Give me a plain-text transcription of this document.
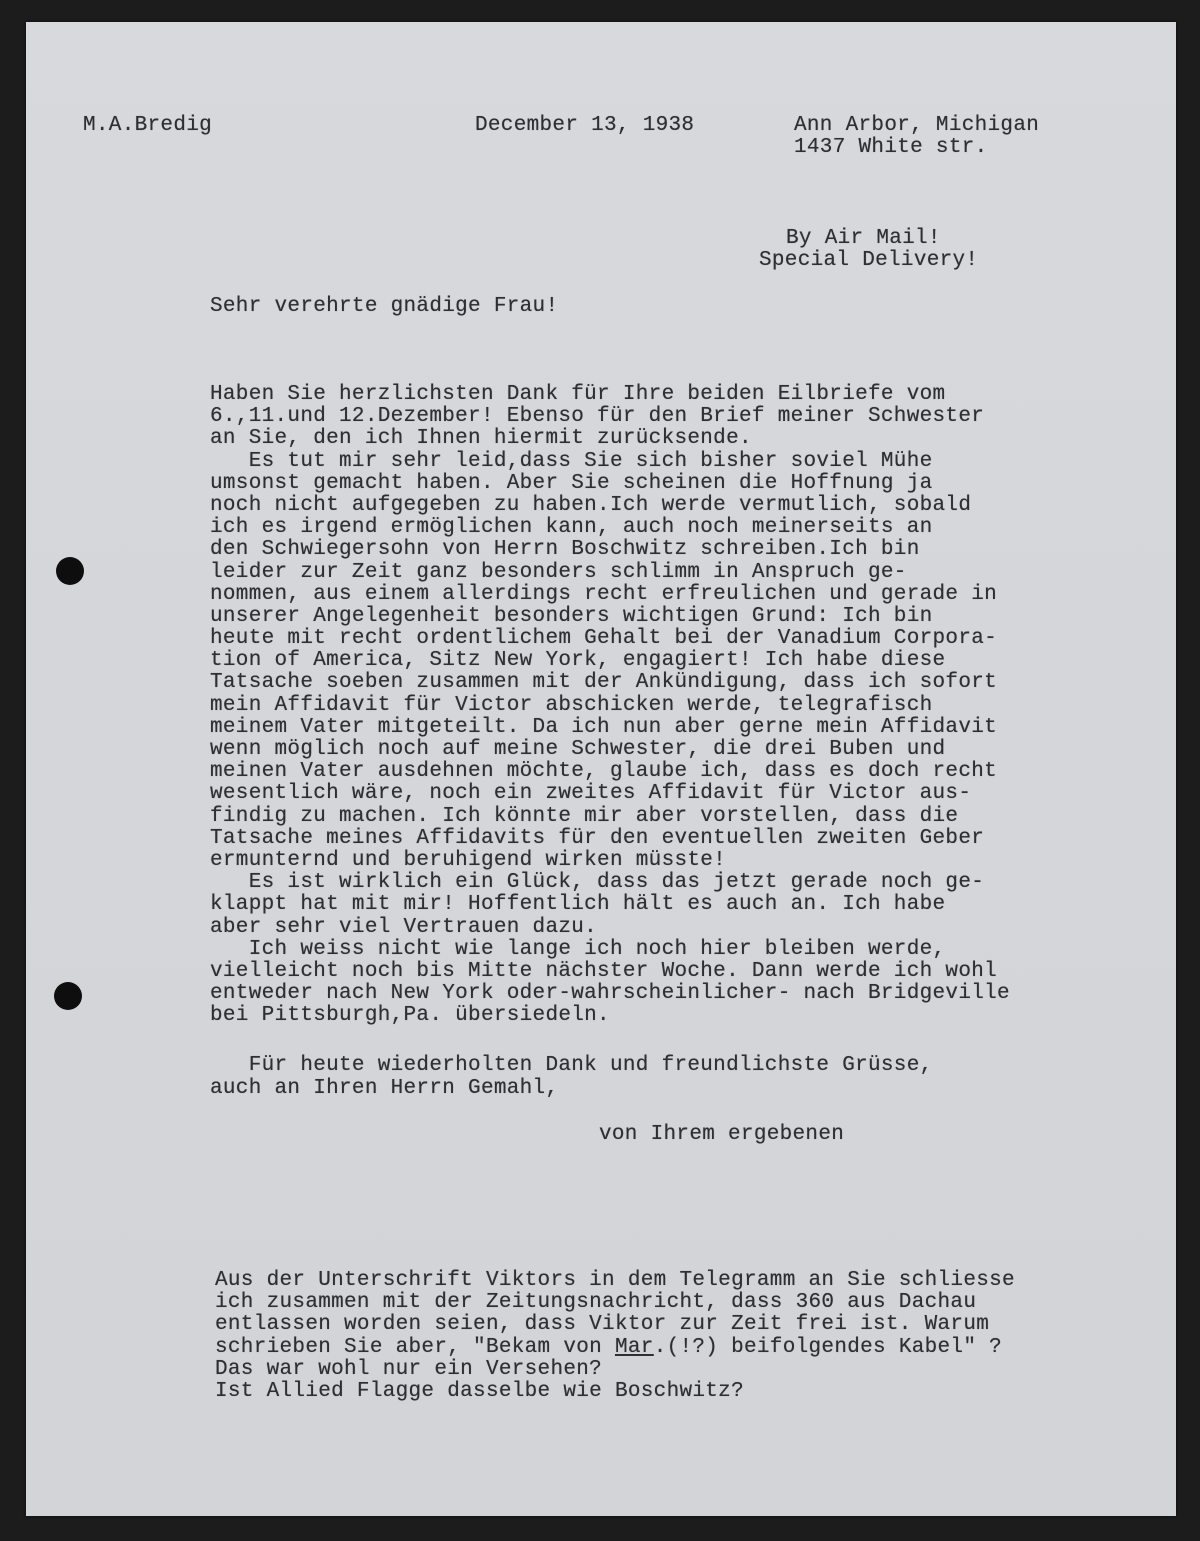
M.A.Bredig	December 13, 1938	Ann Arbor, Michigan

1437 White str.

By Air Mail!

Special Delivery!

Sehr verehrte gnädige Frau!

Haben Sie herzlichsten Dank für Ihre beiden Eilbriefe vom
6.,11.und 12.Dezember! Ebenso für den Brief meiner Schwester
an Sie, den ich Ihnen hiermit zurücksende.
Es tut mir sehr leid,dass Sie sich bisher soviel Mühe
umsonst gemacht haben. Aber Sie scheinen die Hoffnung ja
noch nicht aufgegeben zu haben.Ich werde vermutlich, sobald
ich es irgend ermöglichen kann, auch noch meinerseits an
den Schwiegersohn von Herrn Boschwitz schreiben.Ich bin
leider zur Zeit ganz besonders schlimm in Anspruch ge-
nommen, aus einem allerdings recht erfreulichen und gerade in
unserer Angelegenheit besonders wichtigen Grund: Ich bin
heute mit recht ordentlichem Gehalt bei der Vanadium Corpora-
tion of America, Sitz New York, engagiert! Ich habe diese
Tatsache soeben zusammen mit der Ankündigung, dass ich sofort
mein Affidavit für Victor abschicken werde, telegrafisch
meinem Vater mitgeteilt. Da ich nun aber gerne mein Affidavit
wenn möglich noch auf meine Schwester, die drei Buben und
meinen Vater ausdehnen möchte, glaube ich, dass es doch recht
wesentlich wäre, noch ein zweites Affidavit für Victor aus-
findig zu machen. Ich könnte mir aber vorstellen, dass die
Tatsache meines Affidavits für den eventuellen zweiten Geber
ermunternd und beruhigend wirken müsste!
Es ist wirklich ein Glück, dass das jetzt gerade noch ge-
klappt hat mit mir! Hoffentlich hält es auch an. Ich habe
aber sehr viel Vertrauen dazu.
Ich weiss nicht wie lange ich noch hier bleiben werde,
vielleicht noch bis Mitte nächster Woche. Dann werde ich wohl
entweder nach New York oder-wahrscheinlicher- nach Bridgeville
bei Pittsburgh,Pa. übersiedeln.

Für heute wiederholten Dank und freundlichste Grüsse,

auch an Ihren Herrn Gemahl,

von Ihrem ergebenen

Aus der Unterschrift Viktors in dem Telegramm an Sie schliesse
ich zusammen mit der Zeitungsnachricht, dass 360 aus Dachau
entlassen worden seien, dass Viktor zur Zeit frei ist. Warum
schrieben Sie aber, "Bekam von Mar.(!?) beifolgendes Kabel" ?
Das war wohl nur ein Versehen?
Ist Allied Flagge dasselbe wie Boschwitz?
